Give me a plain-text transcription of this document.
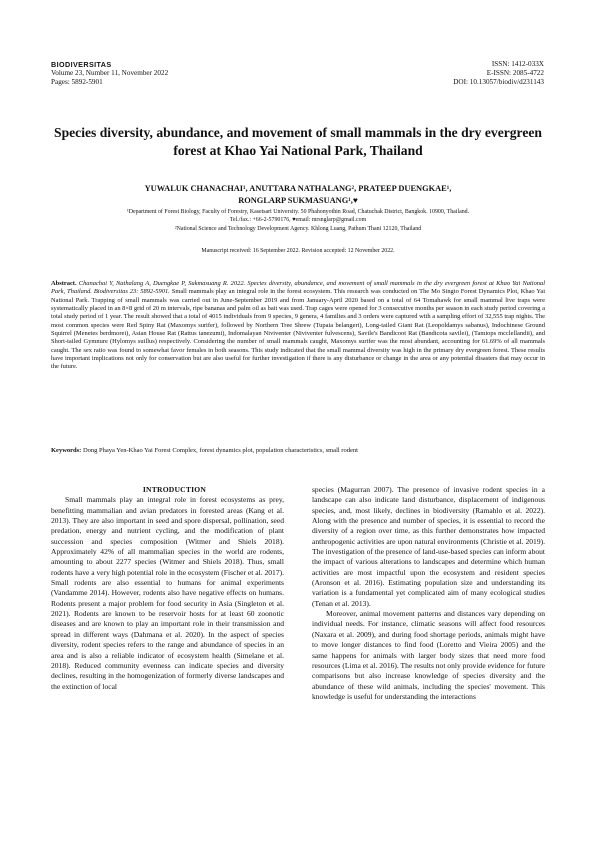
BIODIVERSITAS
Volume 23, Number 11, November 2022
Pages: 5892-5901
ISSN: 1412-033X
E-ISSN: 2085-4722
DOI: 10.13057/biodiv/d231143
Species diversity, abundance, and movement of small mammals in the dry evergreen forest at Khao Yai National Park, Thailand
YUWALUK CHANACHAI¹, ANUTTARA NATHALANG², PRATEEP DUENGKAE¹,
RONGLARP SUKMASUANG¹,♥
¹Department of Forest Biology, Faculty of Forestry, Kasetsart University. 50 Phahonyothin Road, Chatuchak District, Bangkok. 10900, Thailand.
Tel./fax.: +66-2-5790176, ♥email: mrsnglarp@gmail.com
²National Science and Technology Development Agency. Khlong Luang, Pathum Thani 12120, Thailand
Manuscript received: 16 September 2022. Revision accepted: 12 November 2022.
Abstract. Chanachai Y, Nathalang A, Duengkae P, Sukmasuang R. 2022. Species diversity, abundance, and movement of small mammals in the dry evergreen forest at Khao Yai National Park, Thailand. Biodiversitas 23: 5892-5901. Small mammals play an integral role in the forest ecosystem. This research was conducted on The Mo Singto Forest Dynamics Plot, Khao Yai National Park. Trapping of small mammals was carried out in June-September 2019 and from January-April 2020 based on a total of 64 Tomahawk for small mammal live traps were systematically placed in an 8×8 grid of 20 m intervals, ripe bananas and palm oil as bait was used. Trap cages were opened for 3 consecutive months per season in each study period covering a total study period of 1 year. The result showed that a total of 4015 individuals from 9 species, 9 genera, 4 families and 3 orders were captured with a sampling effort of 32,555 trap nights. The most common species were Red Spiny Rat (Maxomys surifer), followed by Northern Tree Shrew (Tupaia belangeri), Long-tailed Giant Rat (Leopoldamys sabanus), Indochinese Ground Squirrel (Menetes berdmorei), Asian House Rat (Rattus tanezumi), Indomalayan Niviventer (Niviventer fulvescens), Savile's Bandicoot Rat (Bandicota savilei), (Tamiops mcclellandii), and Short-tailed Gymnure (Hylomys suillus) respectively. Considering the number of small mammals caught, Maxomys surifer was the most abundant, accounting for 61.69% of all mammals caught. The sex ratio was found to somewhat favor females in both seasons. This study indicated that the small mammal diversity was high in the primary dry evergreen forest. These results have important implications not only for conservation but are also useful for further investigation if there is any disturbance or change in the area or any potential disasters that may occur in the future.
Keywords: Dong Phaya Yen-Khao Yai Forest Complex, forest dynamics plot, population characteristics, small rodent

INTRODUCTION

Small mammals play an integral role in forest ecosystems as prey, benefitting mammalian and avian predators in forested areas (Kang et al. 2013). They are also important in seed and spore dispersal, pollination, seed predation, energy and nutrient cycling, and the modification of plant succession and species composition (Witmer and Shiels 2018). Approximately 42% of all mammalian species in the world are rodents, amounting to about 2277 species (Witmer and Shiels 2018). Thus, small rodents have a very high potential role in the ecosystem (Fischer et al. 2017). Small rodents are also essential to humans for animal experiments (Vandamme 2014). However, rodents also have negative effects on humans. Rodents present a major problem for food security in Asia (Singleton et al. 2021). Rodents are known to be reservoir hosts for at least 60 zoonotic diseases and are known to play an important role in their transmission and spread in different ways (Dahmana et al. 2020). In the aspect of species diversity, rodent species refers to the range and abundance of species in an area and is also a reliable indicator of ecosystem health (Simelane et al. 2018). Reduced community evenness can indicate species and diversity declines, resulting in the homogenization of formerly diverse landscapes and the extinction of local

species (Magurran 2007). The presence of invasive rodent species in a landscape can also indicate land disturbance, displacement of indigenous species, and, most likely, declines in biodiversity (Ramahlo et al. 2022). Along with the presence and number of species, it is essential to record the diversity of a region over time, as this further demonstrates how impacted anthropogenic activities are upon natural environments (Christie et al. 2019). The investigation of the presence of land-use-based species can inform about the impact of various alterations to landscapes and determine which human activities are most impactful upon the ecosystem and resident species (Aronson et al. 2016). Estimating population size and understanding its variation is a fundamental yet complicated aim of many ecological studies (Tenan et al. 2013).

Moreover, animal movement patterns and distances vary depending on individual needs. For instance, climatic seasons will affect food resources (Naxara et al. 2009), and during food shortage periods, animals might have to move longer distances to find food (Loretto and Vieira 2005) and the same happens for animals with larger body sizes that need more food resources (Lima et al. 2016). The results not only provide evidence for future comparisons but also increase knowledge of species diversity and the abundance of these wild animals, including the species' movement. This knowledge is useful for understanding the interactions
